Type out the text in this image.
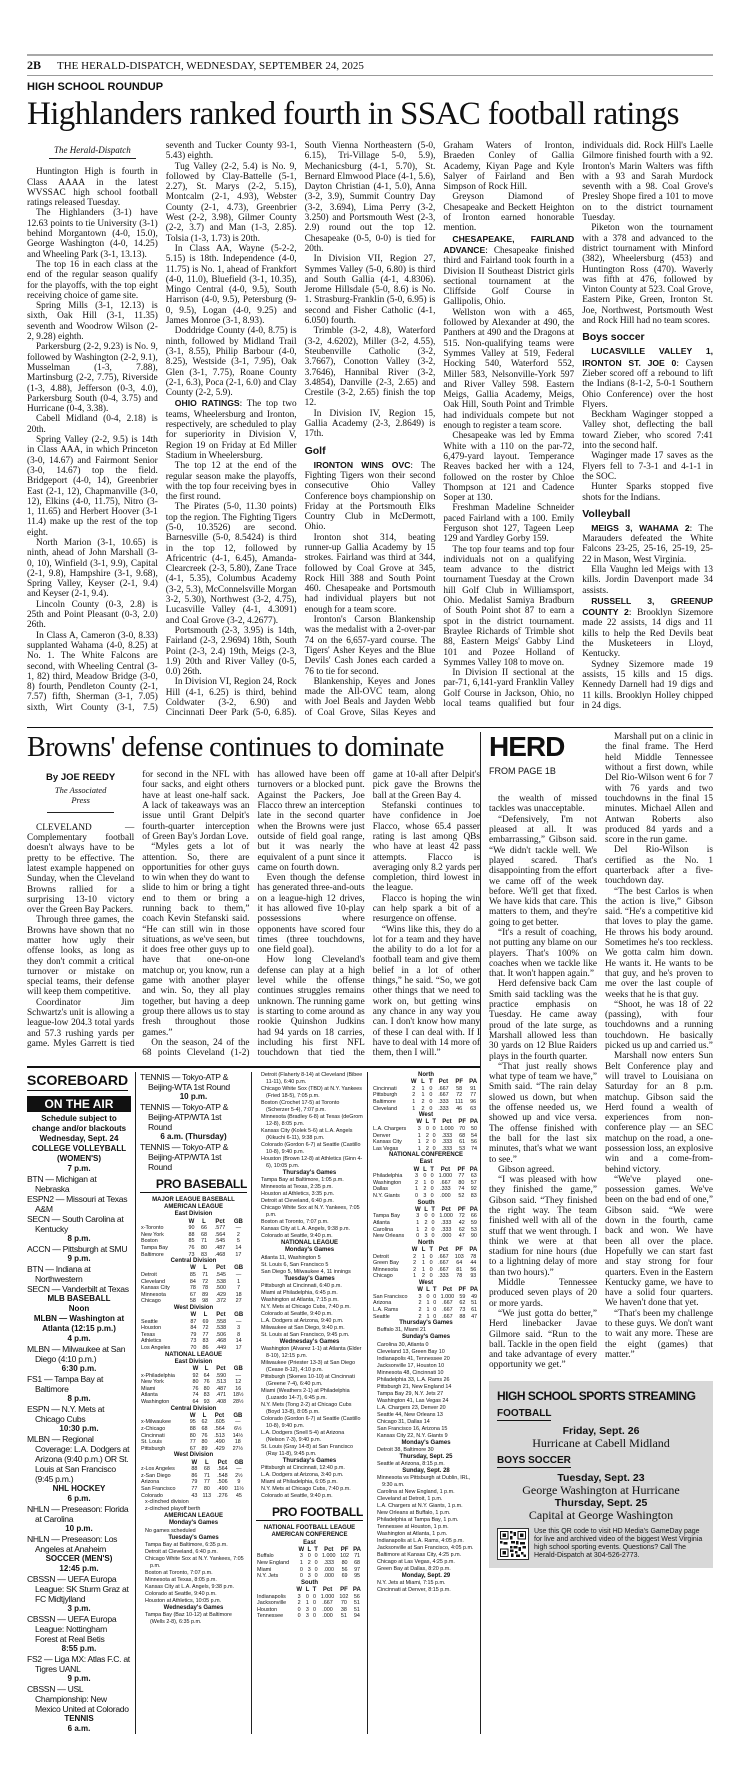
2B THE HERALD-DISPATCH, WEDNESDAY, SEPTEMBER 24, 2025
HIGH SCHOOL ROUNDUP
Highlanders ranked fourth in SSAC football ratings
The Herald-Dispatch

Huntington High is fourth in Class AAAA in the latest WVSSAC high school football ratings released Tuesday.

The Highlanders (3-1) have 12.63 points to tie University (3-1) behind Morgantown (4-0, 15.0), George Washington (4-0, 14.25) and Wheeling Park (3-1, 13.13).

The top 16 in each class at the end of the regular season qualify for the playoffs, with the top eight receiving choice of game site.

Spring Mills (3-1, 12.13) is sixth, Oak Hill (3-1, 11.35) seventh and Woodrow Wilson (2-2, 9.28) eighth.

Parkersburg (2-2, 9.23) is No. 9, followed by Washington (2-2, 9.1), Musselman (1-3, 7.88), Martinsburg (2-2, 7.75), Riverside (1-3, 4.88), Jefferson (0-3, 4.0), Parkersburg South (0-4, 3.75) and Hurricane (0-4, 3.38).

Cabell Midland (0-4, 2.18) is 20th.

Spring Valley (2-2, 9.5) is 14th in Class AAA, in which Princeton (3-0, 14.67) and Fairmont Senior (3-0, 14.67) top the field. Bridgeport (4-0, 14), Greenbrier East (2-1, 12), Chapmanville (3-0, 12), Elkins (4-0, 11.75), Nitro (3-1, 11.65) and Herbert Hoover (3-1 11.4) make up the rest of the top eight.

North Marion (3-1, 10.65) is ninth, ahead of John Marshall (3-0, 10), Winfield (3-1, 9.9), Capital (2-1, 9.8), Hampshire (3-1, 9.68), Spring Valley, Keyser (2-1, 9.4) and Keyser (2-1, 9.4).

Lincoln County (0-3, 2.8) is 25th and Point Pleasant (0-3, 2.0) 26th.

In Class A, Cameron (3-0, 8.33) supplanted Wahama (4-0, 8.25) at No. 1. The White Falcons are second, with Wheeling Central (3-1, 82) third, Meadow Bridge (3-0, 8) fourth, Pendleton County (2-1, 7.57) fifth, Sherman (3-1, 7.05) sixth, Wirt County (3-1, 7.5) seventh and Tucker County 93-1, 5.43) eighth.

Tug Valley (2-2, 5.4) is No. 9, followed by Clay-Battelle (5-1, 2.27), St. Marys (2-2, 5.15), Montcalm (2-1, 4.93), Webster County (2-1, 4.73), Greenbrier West (2-2, 3.98), Gilmer County (2-2, 3.7) and Man (1-3, 2.85). Tolsia (1-3, 1.73) is 20th.

In Class AA, Wayne (5-2-2, 5.15) is 18th. Independence (4-0, 11.75) is No. 1, ahead of Frankfort (4-0, 11.0), Bluefield (3-1, 10.35), Mingo Central (4-0, 9.5), South Harrison (4-0, 9.5), Petersburg (9-0, 9.5), Logan (4-0, 9.25) and James Monroe (3-1, 8.93).

Doddridge County (4-0, 8.75) is ninth, followed by Midland Trail (3-1, 8.55), Philip Barbour (4-0, 8.25), Westside (3-1, 7.95), Oak Glen (3-1, 7.75), Roane County (2-1, 6.3), Poca (2-1, 6.0) and Clay County (2-2, 5.9).

OHIO RATINGS: The top two teams, Wheelersburg and Ironton, respectively, are scheduled to play for superiority in Division V, Region 19 on Friday at Ed Miller Stadium in Wheelersburg.

The top 12 at the end of the regular season make the playoffs, with the top four receiving byes in the first round.

The Pirates (5-0, 11.30 points) top the region. The Fighting Tigers (5-0, 10.3526) are second. Barnesville (5-0, 8.5424) is third in the top 12, followed by Africentric (4-1, 6.45), Amanda-Clearcreek (2-3, 5.80), Zane Trace (4-1, 5.35), Columbus Academy (3-2, 5.3), McConnelsville Morgan 3-2, 5.30), Northwest (3-2, 4.75), Lucasville Valley (4-1, 4.3091) and Coal Grove (3-2, 4.2677).

Portsmouth (2-3, 3.95) is 14th, Fairland (2-3, 2.9694) 18th, South Point (2-3, 2.4) 19th, Meigs (2-3, 1.9) 20th and River Valley (0-5, 0.0) 26th.

In Division VI, Region 24, Rock Hill (4-1, 6.25) is third, behind Coldwater (3-2, 6.90) and Cincinnati Deer Park (5-0, 6.85). South Vienna Northeastern (5-0, 6.15), Tri-Village 5-0, 5.9), Mechanicsburg (4-1, 5.70), St. Bernard Elmwood Place (4-1, 5.6), Dayton Christian (4-1, 5.0), Anna (3-2, 3.9), Summit Country Day (3-2, 3.694), Lima Perry (3-2, 3.250) and Portsmouth West (2-3, 2.9) round out the top 12. Chesapeake (0-5, 0-0) is tied for 20th.

In Division VII, Region 27, Symmes Valley (5-0, 6.80) is third and South Gallia (4-1, 4.8306). Jerome Hillsdale (5-0, 8.6) is No. 1. Strasburg-Franklin (5-0, 6.95) is second and Fisher Catholic (4-1, 6.050) fourth.

Trimble (3-2, 4.8), Waterford (3-2, 4.6202), Miller (3-2, 4.55), Steubenville Catholic (3-2, 3.7667), Conotton Valley (3-2, 3.7646), Hannibal River (3-2, 3.4854), Danville (2-3, 2.65) and Crestile (3-2, 2.65) finish the top 12.

In Division IV, Region 15, Gallia Academy (2-3, 2.8649) is 17th.

Golf

IRONTON WINS OVC: The Fighting Tigers won their second consecutive Ohio Valley Conference boys championship on Friday at the Portsmouth Elks Country Club in McDermott, Ohio.

Ironton shot 314, beating runner-up Gallia Academy by 15 strokes. Fairland was third at 344, followed by Coal Grove at 345, Rock Hill 388 and South Point 460. Chesapeake and Portsmouth had individual players but not enough for a team score.

Ironton's Carson Blankenship was the medalist with a 2-over-par 74 on the 6,657-yard course. The Tigers' Asher Keyes and the Blue Devils' Cash Jones each carded a 76 to tie for second.

Blankenship, Keyes and Jones made the All-OVC team, along with Joel Beals and Jayden Webb of Coal Grove, Silas Keyes and Graham Waters of Ironton, Braeden Conley of Gallia Academy, Kiyan Page and Kyle Salyer of Fairland and Ben Simpson of Rock Hill.

Greyson Diamond of Chesapeake and Beckett Heighton of Ironton earned honorable mention.

CHESAPEAKE, FAIRLAND ADVANCE: Chesapeake finished third and Fairland took fourth in a Division II Southeast District girls sectional tournament at the Cliffside Golf Course in Gallipolis, Ohio.

Wellston won with a 465, followed by Alexander at 490, the Panthers at 490 and the Dragons at 515. Non-qualifying teams were Symmes Valley at 519, Federal Hocking 540, Waterford 552, Miller 583, Nelsonville-York 597 and River Valley 598. Eastern Meigs, Gallia Academy, Meigs, Oak Hill, South Point and Trimble had individuals compete but not enough to register a team score.

Chesapeake was led by Emma White with a 110 on the par-72, 6,479-yard layout. Temperance Reaves backed her with a 124, followed on the roster by Chloe Thompson at 121 and Cadence Soper at 130.

Freshman Madeline Schneider paced Fairland with a 100. Emily Ferguson shot 127, Tageen Leep 129 and Yardley Gorby 159.

The top four teams and top four individuals not on a qualifying team advance to the district tournament Tuesday at the Crown hill Golf Club in Williamsport, Ohio. Medalist Samiya Bradburn of South Point shot 87 to earn a spot in the district tournament. Braylee Richards of Trimble shot 88, Eastern Meigs' Gabby Lind 101 and Pozee Holland of Symmes Valley 108 to move on.

In Division II sectional at the par-71, 6,141-yard Franklin Valley Golf Course in Jackson, Ohio, no local teams qualified but four individuals did. Rock Hill's Laelle Gilmore finished fourth with a 92. Ironton's Marin Walters was fifth with a 93 and Sarah Murdock seventh with a 98. Coal Grove's Presley Shope fired a 101 to move on to the district tournament Tuesday.

Piketon won the tournament with a 378 and advanced to the district tournament with Minford (382), Wheelersburg (453) and Huntington Ross (470). Waverly was fifth at 476, followed by Vinton County at 523. Coal Grove, Eastern Pike, Green, Ironton St. Joe, Northwest, Portsmouth West and Rock Hill had no team scores.

Boys soccer

LUCASVILLE VALLEY 1, IRONTON ST. JOE 0: Caysen Zieber scored off a rebound to lift the Indians (8-1-2, 5-0-1 Southern Ohio Conference) over the host Flyers.

Beckham Waginger stopped a Valley shot, deflecting the ball toward Zieber, who scored 7:41 into the second half.

Waginger made 17 saves as the Flyers fell to 7-3-1 and 4-1-1 in the SOC.

Hunter Sparks stopped five shots for the Indians.

Volleyball

MEIGS 3, WAHAMA 2: The Marauders defeated the White Falcons 23-25, 25-16, 25-19, 25-22 in Mason, West Virginia.

Ella Vaughn led Meigs with 13 kills. Jordin Davenport made 34 assists.

RUSSELL 3, GREENUP COUNTY 2: Brooklyn Sizemore made 22 assists, 14 digs and 11 kills to help the Red Devils beat the Musketeers in Lloyd, Kentucky.

Sydney Sizemore made 19 assists, 15 kills and 15 digs. Kennedy Darnell had 19 digs and 11 kills. Brooklyn Holley chipped in 24 digs.

Browns' defense continues to dominate
By JOE REEDY
The Associated Press

CLEVELAND — Complementary football doesn't always have to be pretty to be effective. The latest example happened on Sunday, when the Cleveland Browns rallied for a surprising 13-10 victory over the Green Bay Packers.

Through three games, the Browns have shown that no matter how ugly their offense looks, as long as they don't commit a critical turnover or mistake on special teams, their defense will keep them competitive.

Coordinator Jim Schwartz's unit is allowing a league-low 204.3 total yards and 57.3 rushing yards per game. Myles Garrett is tied for second in the NFL with four sacks, and eight others have at least one-half sack. A lack of takeaways was an issue until Grant Delpit's fourth-quarter interception of Green Bay's Jordan Love.

“Myles gets a lot of attention. So, there are opportunities for other guys to win when they do want to slide to him or bring a tight end to them or bring a running back to them,” coach Kevin Stefanski said. “He can still win in those situations, as we've seen, but it does free other guys up to have that one-on-one matchup or, you know, run a game with another player and win. So, they all play together, but having a deep group there allows us to stay fresh throughout those games.”

On the season, 24 of the 68 points Cleveland (1-2) has allowed have been off turnovers or a blocked punt. Against the Packers, Joe Flacco threw an interception late in the second quarter when the Browns were just outside of field goal range, but it was nearly the equivalent of a punt since it came on fourth down.

Even though the defense has generated three-and-outs on a league-high 12 drives, it has allowed five 10-play possessions where opponents have scored four times (three touchdowns, one field goal).

How long Cleveland's defense can play at a high level while the offense continues struggles remains unknown. The running game is starting to come around as rookie Quinshon Judkins had 94 yards on 18 carries, including his first NFL touchdown that tied the game at 10-all after Delpit's pick gave the Browns the ball at the Green Bay 4.

Stefanski continues to have confidence in Joe Flacco, whose 65.4 passer rating is last among QBs who have at least 42 pass attempts. Flacco is averaging only 8.2 yards per completion, third lowest in the league.

Flacco is hoping the win can help spark a bit of a resurgence on offense.

“Wins like this, they do a lot for a team and they have the ability to do a lot for a football team and give them belief in a lot of other things,” he said. “So, we got other things that we need to work on, but getting wins any chance in any way you can. I don't know how many of these I can deal with. If I have to deal with 14 more of them, then I will.”

SCOREBOARD
ON THE AIR
Schedule subject to change and/or blackouts
Wednesday, Sept. 24
COLLEGE VOLLEYBALL (WOMEN'S)
7 p.m.
BTN — Michigan at Nebraska
ESPN2 — Missouri at Texas A&M
SECN — South Carolina at Kentucky
8 p.m.
ACCN — Pittsburgh at SMU
9 p.m.
BTN — Indiana at Northwestern
SECN — Vanderbilt at Texas
MLB BASEBALL
Noon
MLBN — Washington at Atlanta (12:15 p.m.)
4 p.m.
MLBN — Milwaukee at San Diego (4:10 p.m.)
6:30 p.m.
FS1 — Tampa Bay at Baltimore
8 p.m.
ESPN — N.Y. Mets at Chicago Cubs
10:30 p.m.
MLBN — Regional Coverage: L.A. Dodgers at Arizona (9:40 p.m.) OR St. Louis at San Francisco (9:45 p.m.)
NHL HOCKEY
6 p.m.
NHLN — Preseason: Florida at Carolina
10 p.m.
NHLN — Preseason: Los Angeles at Anaheim
SOCCER (MEN'S)
12:45 p.m.
CBSSN — UEFA Europa League: SK Sturm Graz at FC Midtjylland
3 p.m.
CBSSN — UEFA Europa League: Nottingham Forest at Real Betis
8:55 p.m.
FS2 — Liga MX: Atlas F.C. at Tigres UANL
9 p.m.
CBSSN — USL Championship: New Mexico United at Colorado
TENNIS
6 a.m.
TENNIS — Tokyo-ATP & Beijing-WTA 1st Round
10 p.m.
TENNIS — Tokyo-ATP & Beijing-ATP/WTA 1st Round
6 a.m. (Thursday)
TENNIS — Tokyo-ATP & Beijing-ATP/WTA 1st Round
PRO BASEBALL
MAJOR LEAGUE BASEBALL
AMERICAN LEAGUE
East Division
	W	L	Pct	GB
x-Toronto	90	66	.577	—
New York	88	68	.564	2
Boston	85	71	.545	5
Tampa Bay	76	80	.487	14
Baltimore	73	83	.468	17
Central Division
	W	L	Pct	GB
Detroit	85	71	.545	—
Cleveland	84	72	.538	1
Kansas City	78	78	.500	7
Minnesota	67	89	.429	18
Chicago	58	98	.372	27
West Division
	W	L	Pct	GB
Seattle	87	69	.558	—
Houston	84	72	.538	3
Texas	79	77	.506	8
Athletics	73	83	.468	14
Los Angeles	70	86	.449	17
NATIONAL LEAGUE
East Division
	W	L	Pct	GB
x-Philadelphia	92	64	.590	—
New York	80	76	.513	12
Miami	76	80	.487	16
Atlanta	74	83	.471	18½
Washington	64	93	.408	28½
Central Division
	W	L	Pct	GB
x-Milwaukee	95	62	.605	—
z-Chicago	88	68	.564	6½
Cincinnati	80	76	.513	14½
St. Louis	77	80	.490	18
Pittsburgh	67	89	.429	27½
West Division
	W	L	Pct	GB
z-Los Angeles	88	68	.564	—
z-San Diego	86	71	.548	2½
Arizona	79	77	.506	9
San Francisco	77	80	.490	11½
Colorado	43	113	.276	45
x-clinched division
z-clinched playoff berth
AMERICAN LEAGUE
Monday's Games
No games scheduled
Tuesday's Games
Tampa Bay at Baltimore, 6:35 p.m.
Detroit at Cleveland, 6:40 p.m.
Chicago White Sox at N.Y. Yankees, 7:05 p.m.
Boston at Toronto, 7:07 p.m.
Minnesota at Texas, 8:05 p.m.
Kansas City at L.A. Angels, 9:38 p.m.
Colorado at Seattle, 9:40 p.m.
Houston at Athletics, 10:05 p.m.
Wednesday's Games
Tampa Bay (Baz 10-12) at Baltimore (Wells 2-8), 6:35 p.m.
Detroit (Flaherty 8-14) at Cleveland (Bibee 11-11), 6:40 p.m.
Chicago White Sox (TBD) at N.Y. Yankees (Fried 18-5), 7:05 p.m.
Boston (Crochet 17-5) at Toronto (Scherzer 5-4), 7:07 p.m.
Minnesota (Bradley 6-8) at Texas (deGrom 12-8), 8:05 p.m.
Kansas City (Kolek 5-6) at L.A. Angels (Kikuchi 6-11), 9:38 p.m.
Colorado (Gordon 6-7) at Seattle (Castillo 10-8), 9:40 p.m.
Houston (Brown 12-8) at Athletics (Ginn 4-6), 10:05 p.m.
Thursday's Games
Tampa Bay at Baltimore, 1:05 p.m.
Minnesota at Texas, 2:35 p.m.
Houston at Athletics, 3:35 p.m.
Detroit at Cleveland, 6:40 p.m.
Chicago White Sox at N.Y. Yankees, 7:05 p.m.
Boston at Toronto, 7:07 p.m.
Kansas City at L.A. Angels, 9:38 p.m.
Colorado at Seattle, 9:40 p.m.
NATIONAL LEAGUE
Monday's Games
Atlanta 11, Washington 5
St. Louis 6, San Francisco 5
San Diego 5, Milwaukee 4, 11 innings
Tuesday's Games
Pittsburgh at Cincinnati, 6:40 p.m.
Miami at Philadelphia, 6:45 p.m.
Washington at Atlanta, 7:15 p.m.
N.Y. Mets at Chicago Cubs, 7:40 p.m.
Colorado at Seattle, 9:40 p.m.
L.A. Dodgers at Arizona, 9:40 p.m.
Milwaukee at San Diego, 9:40 p.m.
St. Louis at San Francisco, 9:45 p.m.
Wednesday's Games
Washington (Alvarez 1-1) at Atlanta (Elder 8-10), 12:15 p.m.
Milwaukee (Priester 13-3) at San Diego (Cease 8-12), 4:10 p.m.
Pittsburgh (Skenes 10-10) at Cincinnati (Greene 7-4), 6:40 p.m.
Miami (Weathers 2-1) at Philadelphia (Luzardo 14-7), 6:45 p.m.
N.Y. Mets (Tong 2-2) at Chicago Cubs (Boyd 13-8), 8:05 p.m.
Colorado (Gordon 6-7) at Seattle (Castillo 10-8), 9:40 p.m.
L.A. Dodgers (Snell 5-4) at Arizona (Nelson 7-3), 9:40 p.m.
St. Louis (Gray 14-8) at San Francisco (Ray 11-8), 9:45 p.m.
Thursday's Games
Pittsburgh at Cincinnati, 12:40 p.m.
L.A. Dodgers at Arizona, 3:40 p.m.
Miami at Philadelphia, 6:05 p.m.
N.Y. Mets at Chicago Cubs, 7:40 p.m.
Colorado at Seattle, 9:40 p.m.
PRO FOOTBALL
NATIONAL FOOTBALL LEAGUE
AMERICAN CONFERENCE
East
	W	L	T	Pct	PF	PA
Buffalo	3	0	0	1.000	102	71
New England	1	2	0	.333	80	68
Miami	0	3	0	.000	56	97
N.Y. Jets	0	3	0	.000	69	95
South
	W	L	T	Pct	PF	PA
Indianapolis	3	0	0	1.000	102	56
Jacksonville	2	1	0	.667	70	51
Houston	0	3	0	.000	38	51
Tennessee	0	3	0	.000	51	94
North
	W	L	T	Pct	PF	PA
Cincinnati	2	1	0	.667	58	91
Pittsburgh	2	1	0	.667	72	77
Baltimore	1	2	0	.333	111	96
Cleveland	1	2	0	.333	46	63
West
	W	L	T	Pct	PF	PA
L.A. Chargers	3	0	0	1.000	70	50
Denver	1	2	0	.333	68	54
Kansas City	1	2	0	.333	61	56
Las Vegas	1	2	0	.333	53	74
NATIONAL CONFERENCE
East
	W	L	T	Pct	PF	PA
Philadelphia	3	0	0	1.000	77	63
Washington	2	1	0	.667	80	57
Dallas	1	2	0	.333	74	92
N.Y. Giants	0	3	0	.000	52	83
South
	W	L	T	Pct	PF	PA
Tampa Bay	3	0	0	1.000	72	66
Atlanta	1	2	0	.333	42	59
Carolina	1	2	0	.333	62	53
New Orleans	0	3	0	.000	47	90
North
	W	L	T	Pct	PF	PA
Detroit	2	1	0	.667	103	78
Green Bay	2	1	0	.667	64	44
Minnesota	2	1	0	.667	81	56
Chicago	1	2	0	.333	78	93
West
	W	L	T	Pct	PF	PA
San Francisco	3	0	0	1.000	59	49
Arizona	2	1	0	.667	62	51
L.A. Rams	2	1	0	.667	73	61
Seattle	2	1	0	.667	88	47
Thursday's Games
Buffalo 31, Miami 21
Sunday's Games
Carolina 30, Atlanta 0
Cleveland 13, Green Bay 10
Indianapolis 41, Tennessee 20
Jacksonville 17, Houston 10
Minnesota 48, Cincinnati 10
Philadelphia 33, L.A. Rams 26
Pittsburgh 21, New England 14
Tampa Bay 29, N.Y. Jets 27
Washington 41, Las Vegas 24
L.A. Chargers 23, Denver 20
Seattle 44, New Orleans 13
Chicago 31, Dallas 14
San Francisco 16, Arizona 15
Kansas City 22, N.Y. Giants 9
Monday's Games
Detroit 38, Baltimore 30
Thursday, Sept. 25
Seattle at Arizona, 8:15 p.m.
Sunday, Sept. 28
Minnesota vs Pittsburgh at Dublin, IRL, 9:30 a.m.
Carolina at New England, 1 p.m.
Cleveland at Detroit, 1 p.m.
L.A. Chargers at N.Y. Giants, 1 p.m.
New Orleans at Buffalo, 1 p.m.
Philadelphia at Tampa Bay, 1 p.m.
Tennessee at Houston, 1 p.m.
Washington at Atlanta, 1 p.m.
Indianapolis at L.A. Rams, 4:05 p.m.
Jacksonville at San Francisco, 4:05 p.m.
Baltimore at Kansas City, 4:25 p.m.
Chicago at Las Vegas, 4:25 p.m.
Green Bay at Dallas, 8:20 p.m.
Monday, Sept. 29
N.Y. Jets at Miami, 7:15 p.m.
Cincinnati at Denver, 8:15 p.m.
HERD
FROM PAGE 1B

the wealth of missed tackles was unacceptable.

“Defensively, I'm not pleased at all. It was embarrassing,” Gibson said. “We didn't tackle well. We played scared. That's disappointing from the effort we came off of the week before. We'll get that fixed. We have kids that care. This matters to them, and they're going to get better.

“It's a result of coaching, not putting any blame on our players. That's 100% on coaches when we tackle like that. It won't happen again.”

Herd defensive back Cam Smith said tackling was the practice emphasis on Tuesday. He came away proud of the late surge, as Marshall allowed less than 30 yards on 12 Blue Raiders plays in the fourth quarter.

“That just really shows what type of team we have,” Smith said. “The rain delay slowed us down, but when the offense needed us, we showed up and vice versa. The offense finished with the ball for the last six minutes, that's what we want to see.”

Gibson agreed.

“I was pleased with how they finished the game,” Gibson said. “They finished the right way. The team finished well with all of the stuff that we went through. I think we were at that stadium for nine hours (due to a lightning delay of more than two hours).”

Middle Tennessee produced seven plays of 20 or more yards.

“We just gotta do better,” Herd linebacker Javae Gilmore said. “Run to the ball. Tackle in the open field and take advantage of every opportunity we get.”

Marshall put on a clinic in the final frame. The Herd held Middle Tennessee without a first down, while Del Rio-Wilson went 6 for 7 with 76 yards and two touchdowns in the final 15 minutes. Michael Allen and Antwan Roberts also produced 84 yards and a score in the run game.

Del Rio-Wilson is certified as the No. 1 quarterback after a five-touchdown day.

“The best Carlos is when the action is live,” Gibson said. “He's a competitive kid that loves to play the game. He throws his body around. Sometimes he's too reckless. We gotta calm him down. He wants it. He wants to be that guy, and he's proven to me over the last couple of weeks that he is that guy.

“Shoot, he was 18 of 22 (passing), with four touchdowns and a running touchdown. He basically picked us up and carried us.”

Marshall now enters Sun Belt Conference play and will travel to Louisiana on Saturday for an 8 p.m. matchup. Gibson said the Herd found a wealth of experiences from non-conference play — an SEC matchup on the road, a one-possession loss, an explosive win and a come-from-behind victory.

“We've played one-possession games. We've been on the bad end of one,” Gibson said. “We were down in the fourth, came back and won. We have been all over the place. Hopefully we can start fast and stay strong for four quarters. Even in the Eastern Kentucky game, we have to have a solid four quarters. We haven't done that yet.

“That's been my challenge to these guys. We don't want to wait any more. These are the eight (games) that matter.”

HIGH SCHOOL SPORTS STREAMING
FOOTBALL
Friday, Sept. 26
Hurricane at Cabell Midland
BOYS SOCCER
Tuesday, Sept. 23
George Washington at Hurricane
Thursday, Sept. 25
Capital at George Washington
Use this QR code to visit HD Media's GameDay page for live and archived video of the biggest West Virginia high school sporting events. Questions? Call The Herald-Dispatch at 304-526-2773.
